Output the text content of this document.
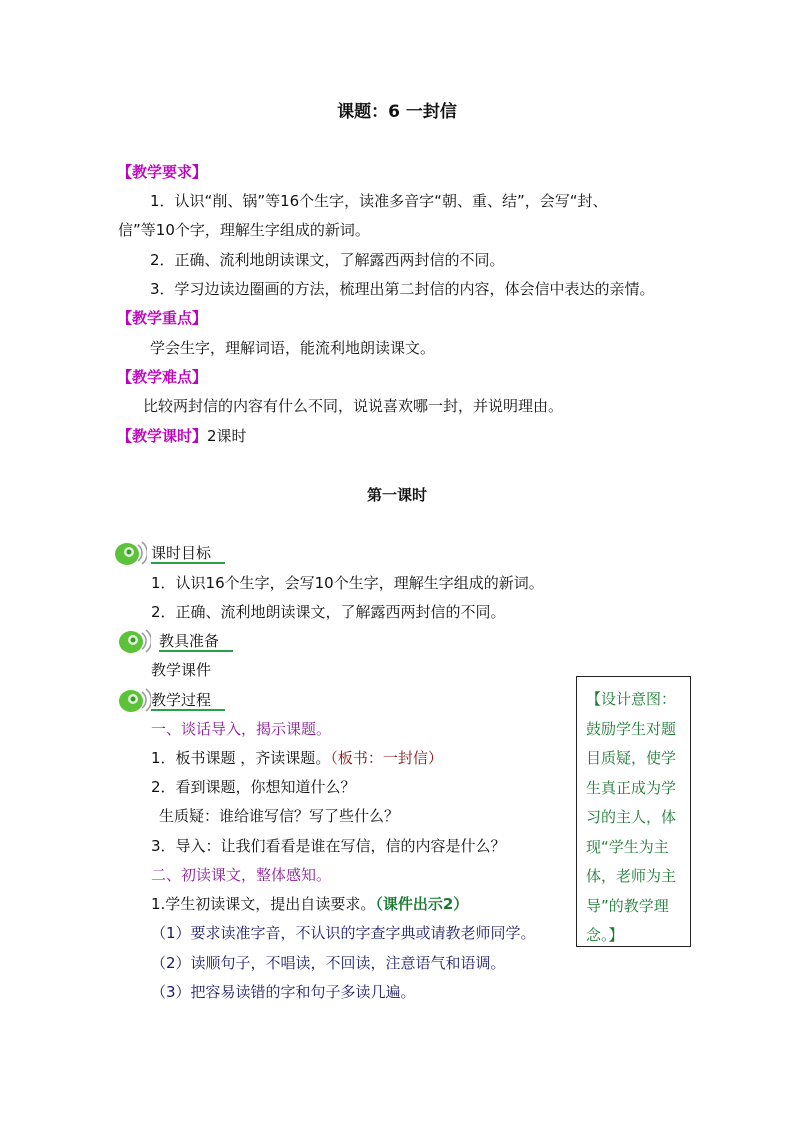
课题：6 一封信
【教学要求】
1．认识“削、锅”等16个生字，读准多音字“朝、重、结”，会写“封、
信”等10个字，理解生字组成的新词。
2．正确、流利地朗读课文，了解露西两封信的不同。
3．学习边读边圈画的方法，梳理出第二封信的内容，体会信中表达的亲情。
【教学重点】
学会生字，理解词语，能流利地朗读课文。
【教学难点】
比较两封信的内容有什么不同，说说喜欢哪一封，并说明理由。
【教学课时】2课时
第一课时
课时目标
1．认识16个生字，会写10个生字，理解生字组成的新词。
2．正确、流利地朗读课文，了解露西两封信的不同。
教具准备
教学课件
教学过程
一、谈话导入，揭示课题。
1．板书课题 ，齐读课题。（板书：一封信）
2．看到课题，你想知道什么？
生质疑：谁给谁写信？写了些什么？
3．导入：让我们看看是谁在写信，信的内容是什么？
二、初读课文，整体感知。
1.学生初读课文，提出自读要求。（课件出示2）
（1）要求读准字音，不认识的字查字典或请教老师同学。
（2）读顺句子，不唱读，不回读，注意语气和语调。
（3）把容易读错的字和句子多读几遍。
【设计意图：鼓励学生对题目质疑，使学生真正成为学习的主人，体现“学生为主体，老师为主导”的教学理念。】
